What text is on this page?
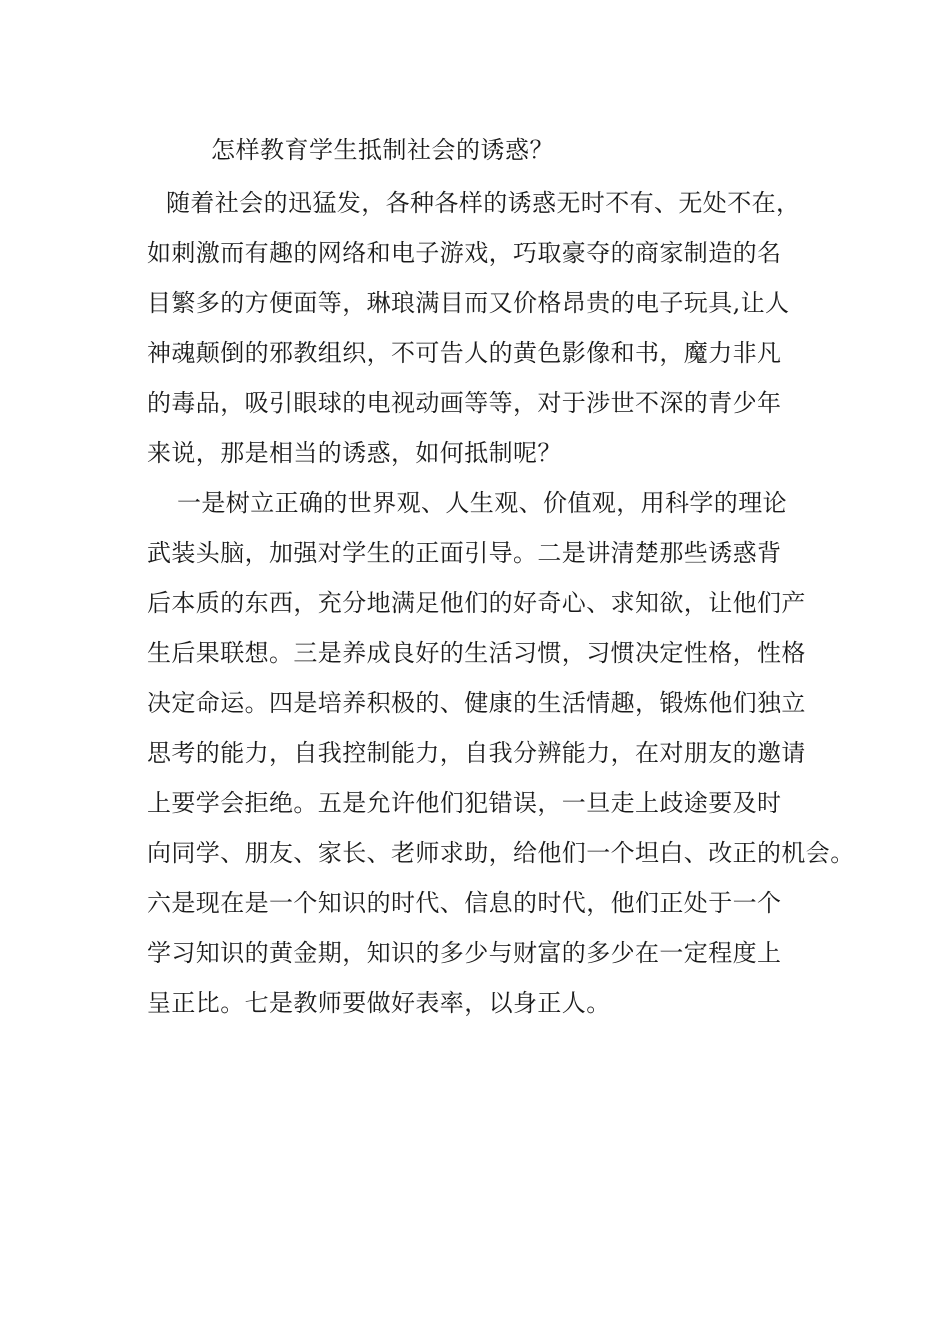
怎样教育学生抵制社会的诱惑？
随着社会的迅猛发，各种各样的诱惑无时不有、无处不在，
如刺激而有趣的网络和电子游戏，巧取豪夺的商家制造的名
目繁多的方便面等，琳琅满目而又价格昂贵的电子玩具,让人
神魂颠倒的邪教组织，不可告人的黄色影像和书，魔力非凡
的毒品，吸引眼球的电视动画等等，对于涉世不深的青少年
来说，那是相当的诱惑，如何抵制呢？
一是树立正确的世界观、人生观、价值观，用科学的理论
武装头脑，加强对学生的正面引导。二是讲清楚那些诱惑背
后本质的东西，充分地满足他们的好奇心、求知欲，让他们产
生后果联想。三是养成良好的生活习惯，习惯决定性格，性格
决定命运。四是培养积极的、健康的生活情趣，锻炼他们独立
思考的能力，自我控制能力，自我分辨能力，在对朋友的邀请
上要学会拒绝。五是允许他们犯错误，一旦走上歧途要及时
向同学、朋友、家长、老师求助，给他们一个坦白、改正的机会。
六是现在是一个知识的时代、信息的时代，他们正处于一个
学习知识的黄金期，知识的多少与财富的多少在一定程度上
呈正比。七是教师要做好表率，以身正人。
